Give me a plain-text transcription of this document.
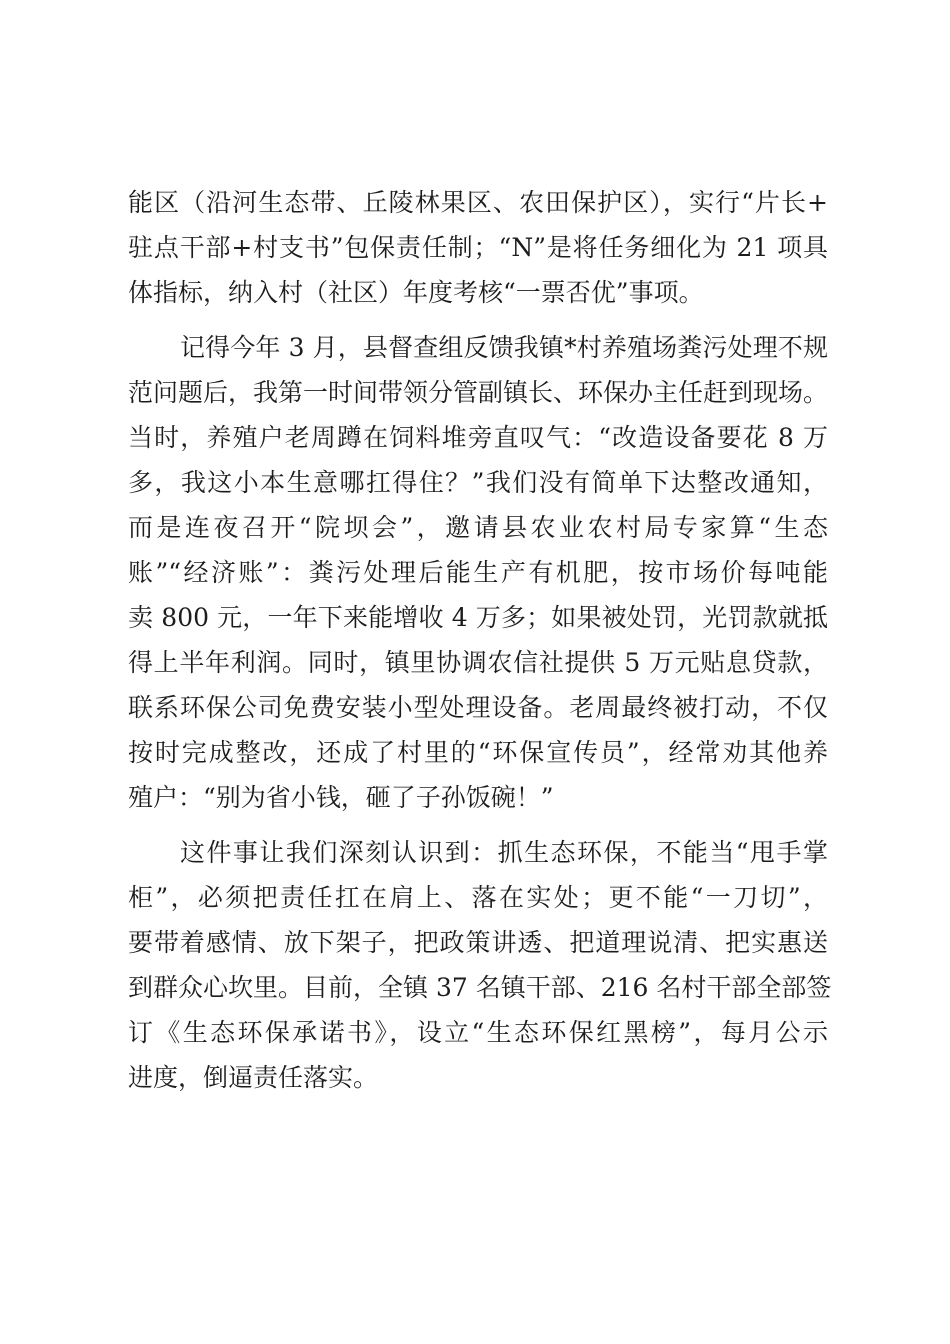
能区（沿河生态带、丘陵林果区、农田保护区），实行“片长+
驻点干部+村支书”包保责任制；“N”是将任务细化为 21 项具
体指标，纳入村（社区）年度考核“一票否优”事项。
记得今年 3 月，县督查组反馈我镇*村养殖场粪污处理不规
范问题后，我第一时间带领分管副镇长、环保办主任赶到现场。
当时，养殖户老周蹲在饲料堆旁直叹气：“改造设备要花 8 万
多，我这小本生意哪扛得住？”我们没有简单下达整改通知，
而是连夜召开“院坝会”，邀请县农业农村局专家算“生态
账”“经济账”：粪污处理后能生产有机肥，按市场价每吨能
卖 800 元，一年下来能增收 4 万多；如果被处罚，光罚款就抵
得上半年利润。同时，镇里协调农信社提供 5 万元贴息贷款，
联系环保公司免费安装小型处理设备。老周最终被打动，不仅
按时完成整改，还成了村里的“环保宣传员”，经常劝其他养
殖户：“别为省小钱，砸了子孙饭碗！”
这件事让我们深刻认识到：抓生态环保，不能当“甩手掌
柜”，必须把责任扛在肩上、落在实处；更不能“一刀切”，
要带着感情、放下架子，把政策讲透、把道理说清、把实惠送
到群众心坎里。目前，全镇 37 名镇干部、216 名村干部全部签
订《生态环保承诺书》，设立“生态环保红黑榜”，每月公示
进度，倒逼责任落实。
